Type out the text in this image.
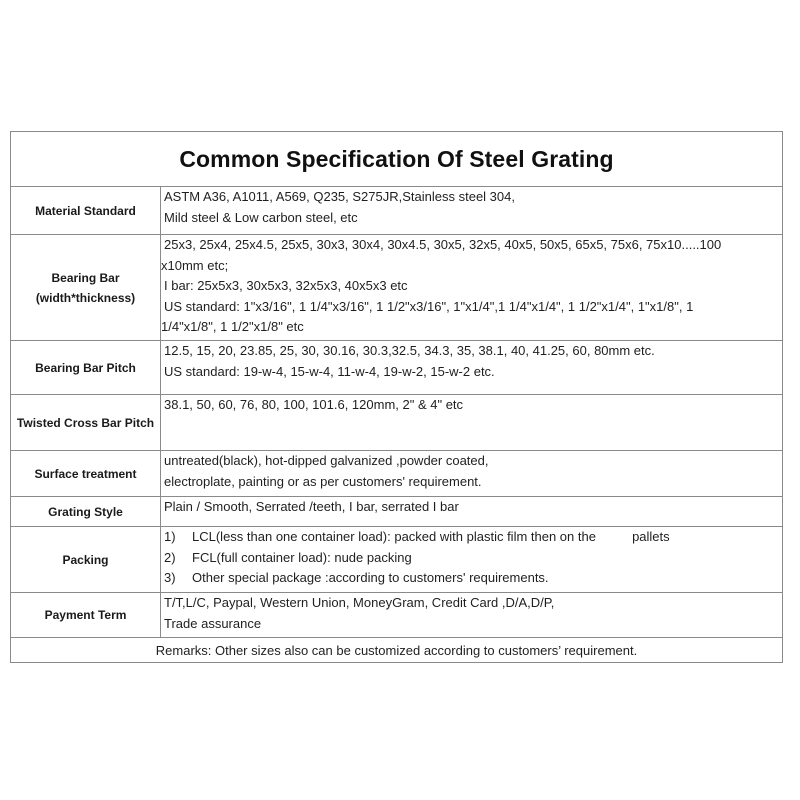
Common Specification Of Steel Grating	
Material Standard	ASTM A36, A1011, A569, Q235, S275JR,Stainless steel 304,
Mild steel & Low carbon steel, etc

Bearing Bar
(width*thickness)	25x3, 25x4, 25x4.5, 25x5, 30x3, 30x4, 30x4.5, 30x5, 32x5, 40x5, 50x5, 65x5, 75x6, 75x10.....100
x10mm etc;
I bar: 25x5x3, 30x5x3, 32x5x3, 40x5x3 etc
US standard: 1"x3/16", 1 1/4"x3/16", 1 1/2"x3/16", 1"x1/4",1 1/4"x1/4", 1 1/2"x1/4", 1"x1/8", 1
1/4"x1/8", 1 1/2"x1/8" etc

Bearing Bar Pitch	12.5, 15, 20, 23.85, 25, 30, 30.16, 30.3,32.5, 34.3, 35, 38.1, 40, 41.25, 60, 80mm etc.
US standard: 19-w-4, 15-w-4, 11-w-4, 19-w-2, 15-w-2 etc.

Twisted Cross Bar Pitch	38.1, 50, 60, 76, 80, 100, 101.6, 120mm, 2" & 4" etc

Surface treatment	untreated(black), hot-dipped galvanized ,powder coated,
electroplate, painting or as per customers' requirement.

Grating Style	Plain / Smooth, Serrated /teeth, I bar, serrated I bar

Packing	1) LCL(less than one container load): packed with plastic film then on the          pallets
2) FCL(full container load): nude packing
3) Other special package :according to customers' requirements.

Payment Term	T/T,L/C, Paypal, Western Union, MoneyGram, Credit Card ,D/A,D/P,
Trade assurance

Remarks: Other sizes also can be customized according to customers’ requirement.	
